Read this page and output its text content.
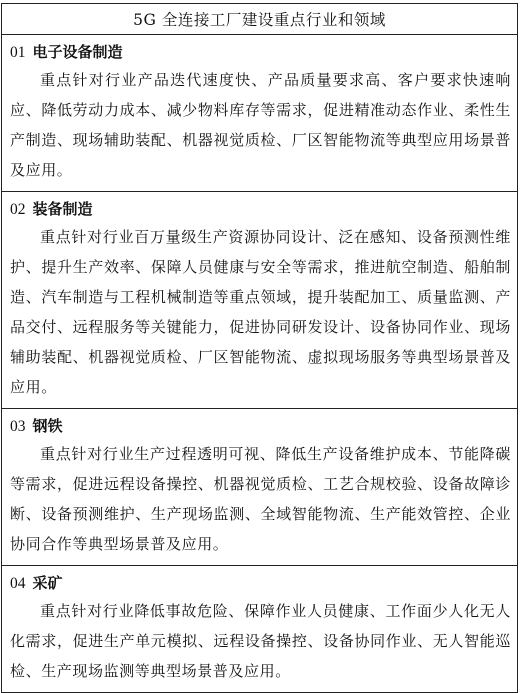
5G 全连接工厂建设重点行业和领域
01 电子设备制造
重点针对行业产品迭代速度快、产品质量要求高、客户要求快速响应、降低劳动力成本、减少物料库存等需求，促进精准动态作业、柔性生产制造、现场辅助装配、机器视觉质检、厂区智能物流等典型应用场景普及应用。
02 装备制造
重点针对行业百万量级生产资源协同设计、泛在感知、设备预测性维护、提升生产效率、保障人员健康与安全等需求，推进航空制造、船舶制造、汽车制造与工程机械制造等重点领域，提升装配加工、质量监测、产品交付、远程服务等关键能力，促进协同研发设计、设备协同作业、现场辅助装配、机器视觉质检、厂区智能物流、虚拟现场服务等典型场景普及应用。
03 钢铁
重点针对行业生产过程透明可视、降低生产设备维护成本、节能降碳等需求，促进远程设备操控、机器视觉质检、工艺合规校验、设备故障诊断、设备预测维护、生产现场监测、全域智能物流、生产能效管控、企业协同合作等典型场景普及应用。
04 采矿
重点针对行业降低事故危险、保障作业人员健康、工作面少人化无人化需求，促进生产单元模拟、远程设备操控、设备协同作业、无人智能巡检、生产现场监测等典型场景普及应用。
